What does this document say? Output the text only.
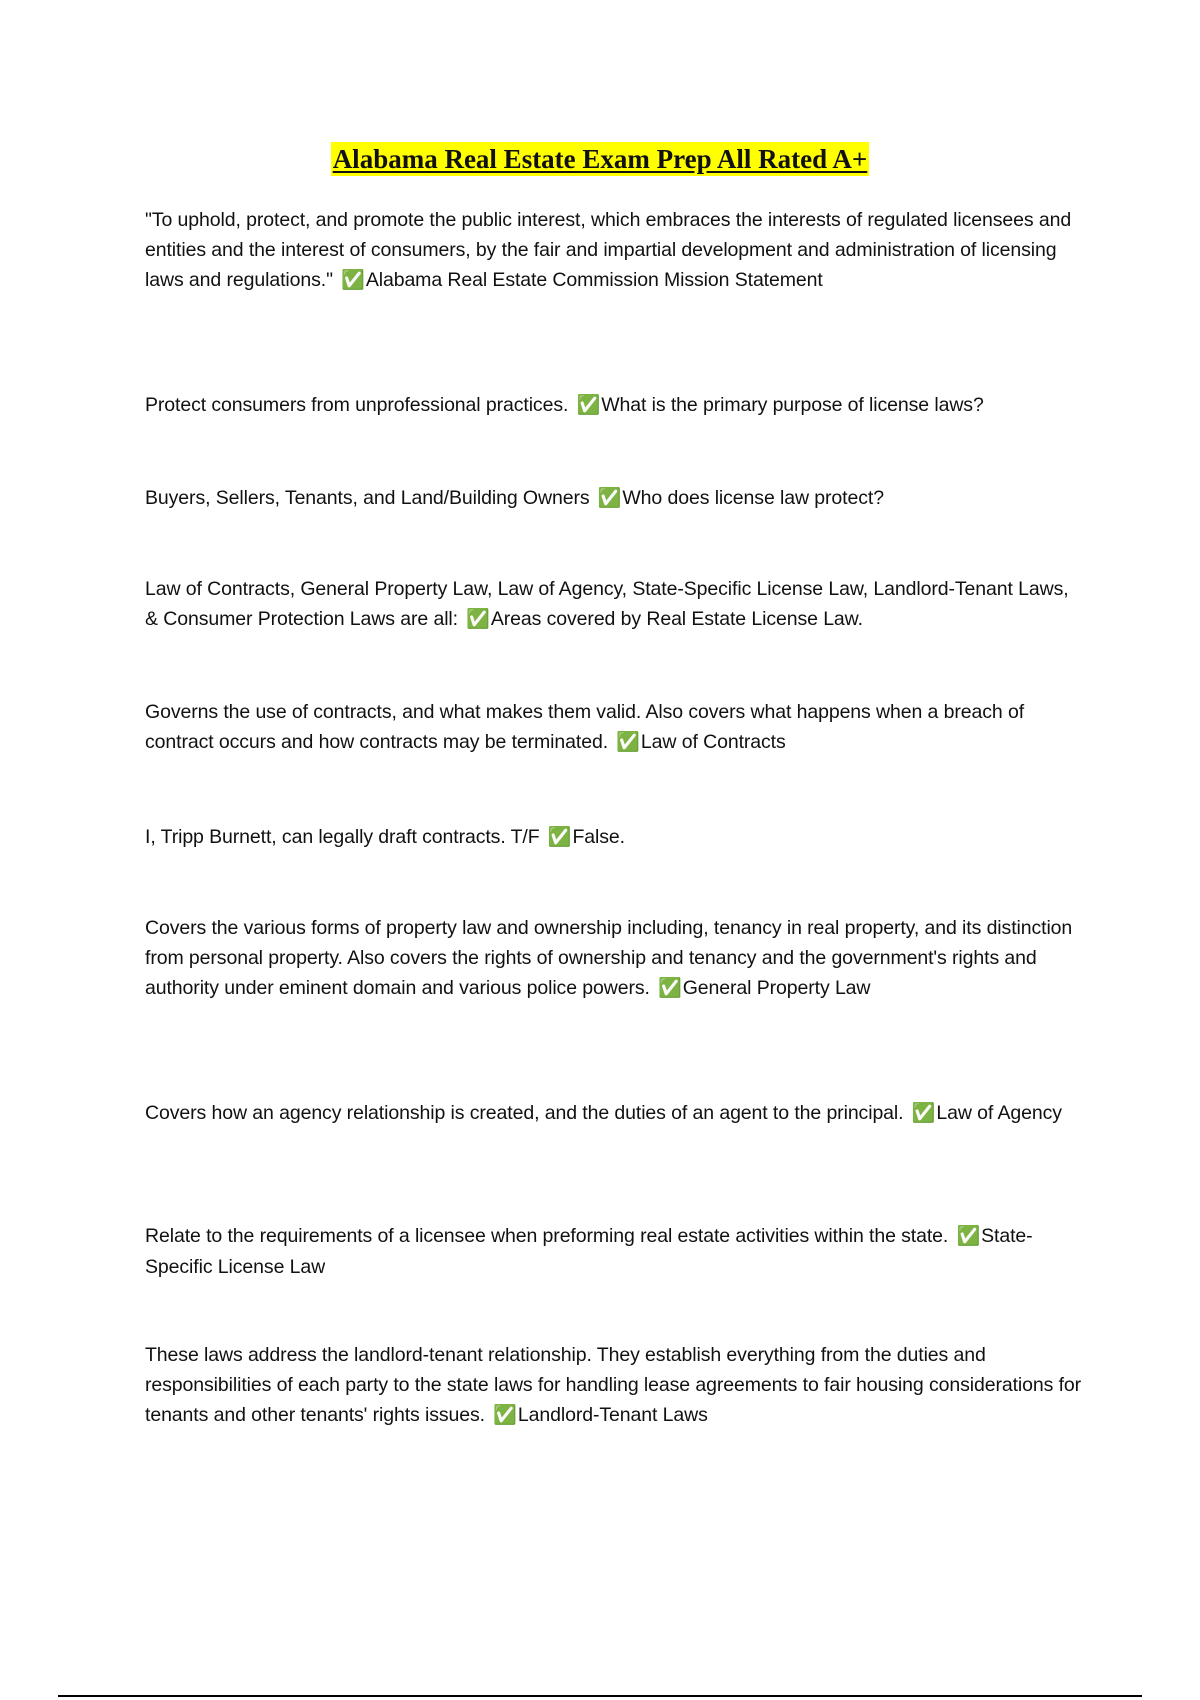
Alabama Real Estate Exam Prep All Rated A+
"To uphold, protect, and promote the public interest, which embraces the interests of regulated licensees and entities and the interest of consumers, by the fair and impartial development and administration of licensing laws and regulations." ✅Alabama Real Estate Commission Mission Statement
Protect consumers from unprofessional practices. ✅What is the primary purpose of license laws?
Buyers, Sellers, Tenants, and Land/Building Owners ✅Who does license law protect?
Law of Contracts, General Property Law, Law of Agency, State-Specific License Law, Landlord-Tenant Laws, & Consumer Protection Laws are all: ✅Areas covered by Real Estate License Law.
Governs the use of contracts, and what makes them valid. Also covers what happens when a breach of contract occurs and how contracts may be terminated. ✅Law of Contracts
I, Tripp Burnett, can legally draft contracts. T/F ✅False.
Covers the various forms of property law and ownership including, tenancy in real property, and its distinction from personal property. Also covers the rights of ownership and tenancy and the government's rights and authority under eminent domain and various police powers. ✅General Property Law
Covers how an agency relationship is created, and the duties of an agent to the principal. ✅Law of Agency
Relate to the requirements of a licensee when preforming real estate activities within the state. ✅State-Specific License Law
These laws address the landlord-tenant relationship. They establish everything from the duties and responsibilities of each party to the state laws for handling lease agreements to fair housing considerations for tenants and other tenants' rights issues. ✅Landlord-Tenant Laws
